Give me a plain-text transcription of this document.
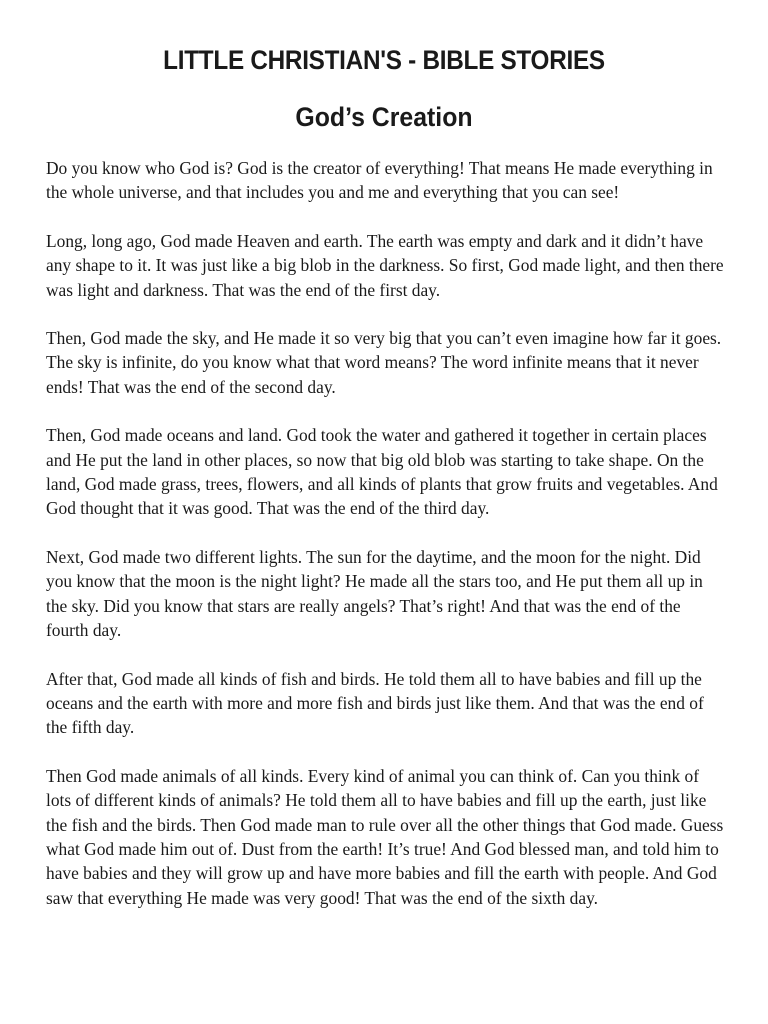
LITTLE CHRISTIAN'S - BIBLE STORIES
God’s Creation

Do you know who God is? God is the creator of everything! That means He made everything in the whole universe, and that includes you and me and everything that you can see!

Long, long ago, God made Heaven and earth. The earth was empty and dark and it didn’t have any shape to it. It was just like a big blob in the darkness. So first, God made light, and then there was light and darkness. That was the end of the first day.

Then, God made the sky, and He made it so very big that you can’t even imagine how far it goes. The sky is infinite, do you know what that word means? The word infinite means that it never ends! That was the end of the second day.

Then, God made oceans and land. God took the water and gathered it together in certain places and He put the land in other places, so now that big old blob was starting to take shape. On the land, God made grass, trees, flowers, and all kinds of plants that grow fruits and vegetables. And God thought that it was good. That was the end of the third day.

Next, God made two different lights. The sun for the daytime, and the moon for the night. Did you know that the moon is the night light? He made all the stars too, and He put them all up in the sky. Did you know that stars are really angels? That’s right! And that was the end of the fourth day.

After that, God made all kinds of fish and birds. He told them all to have babies and fill up the oceans and the earth with more and more fish and birds just like them. And that was the end of the fifth day.

Then God made animals of all kinds. Every kind of animal you can think of. Can you think of lots of different kinds of animals? He told them all to have babies and fill up the earth, just like the fish and the birds. Then God made man to rule over all the other things that God made. Guess what God made him out of. Dust from the earth! It’s true! And God blessed man, and told him to have babies and they will grow up and have more babies and fill the earth with people. And God saw that everything He made was very good! That was the end of the sixth day.
